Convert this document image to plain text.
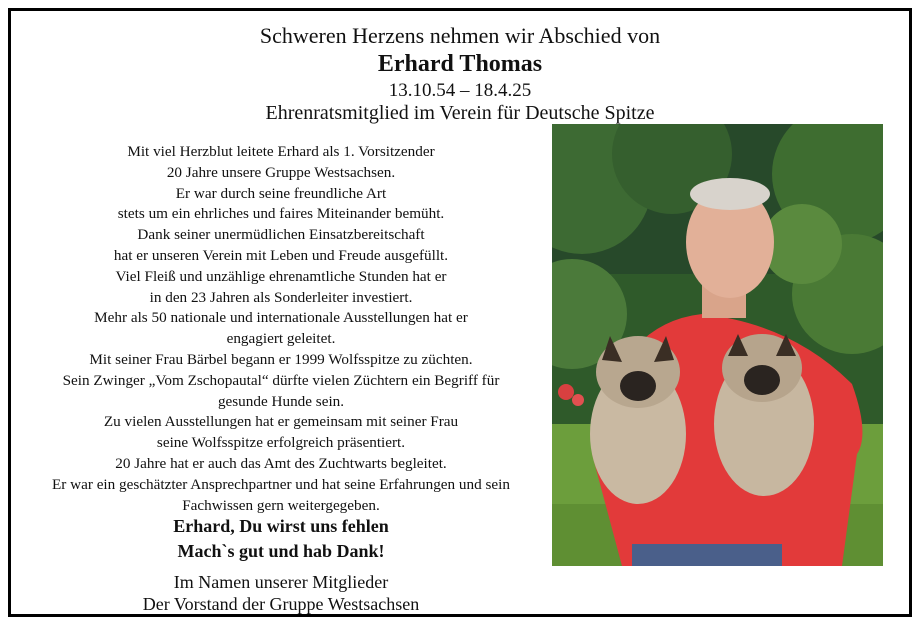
Schweren Herzens nehmen wir Abschied von
Erhard Thomas
13.10.54 – 18.4.25
Ehrenratsmitglied im Verein für Deutsche Spitze
Mit viel Herzblut leitete Erhard als 1. Vorsitzender
20 Jahre unsere Gruppe Westsachsen.
Er war durch seine freundliche Art
stets um ein ehrliches und faires Miteinander bemüht.
Dank seiner unermüdlichen Einsatzbereitschaft
hat er unseren Verein mit Leben und Freude ausgefüllt.
Viel Fleiß und unzählige ehrenamtliche Stunden hat er
in den 23 Jahren als Sonderleiter investiert.
Mehr als 50 nationale und internationale Ausstellungen hat er
engagiert geleitet.
Mit seiner Frau Bärbel begann er 1999 Wolfsspitze zu züchten.
Sein Zwinger „Vom Zschopautal“ dürfte vielen Züchtern ein Begriff für
gesunde Hunde sein.
Zu vielen Ausstellungen hat er gemeinsam mit seiner Frau
seine Wolfsspitze erfolgreich präsentiert.
20 Jahre hat er auch das Amt des Zuchtwarts begleitet.
Er war ein geschätzter Ansprechpartner und hat seine Erfahrungen und sein
Fachwissen gern weitergegeben.
Erhard, Du wirst uns fehlen
Mach`s gut und hab Dank!
Im Namen unserer Mitglieder
Der Vorstand der Gruppe Westsachsen
